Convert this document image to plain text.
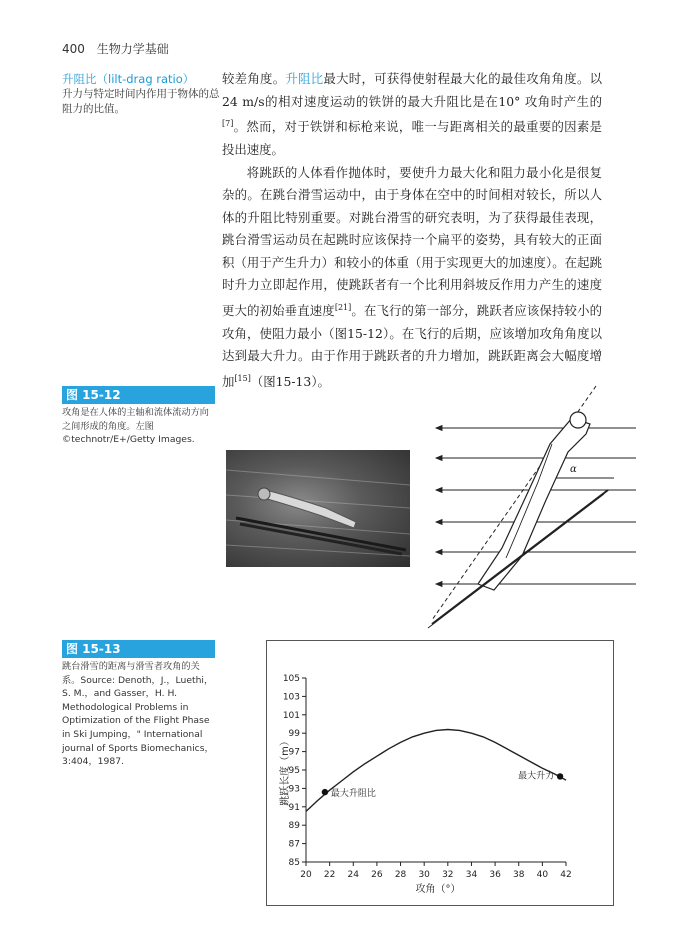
400 生物力学基础
升阻比（lilt-drag ratio）
升力与特定时间内作用于物体的总阻力的比值。

较差角度。升阻比最大时，可获得使射程最大化的最佳攻角角度。以24 m/s的相对速度运动的铁饼的最大升阻比是在10° 攻角时产生的[7]。然而，对于铁饼和标枪来说，唯一与距离相关的最重要的因素是投出速度。

将跳跃的人体看作抛体时，要使升力最大化和阻力最小化是很复杂的。在跳台滑雪运动中，由于身体在空中的时间相对较长，所以人体的升阻比特别重要。对跳台滑雪的研究表明，为了获得最佳表现，跳台滑雪运动员在起跳时应该保持一个扁平的姿势，具有较大的正面积（用于产生升力）和较小的体重（用于实现更大的加速度）。在起跳时升力立即起作用，使跳跃者有一个比利用斜坡反作用力产生的速度更大的初始垂直速度[21]。在飞行的第一部分，跳跃者应该保持较小的攻角，使阻力最小（图15-12）。在飞行的后期，应该增加攻角角度以达到最大升力。由于作用于跳跃者的升力增加，跳跃距离会大幅度增加[15]（图15-13）。

图 15-12
攻角是在人体的主轴和流体流动方向之间形成的角度。左图 ©technotr/E+/Getty Images.
α
图 15-13
跳台滑雪的距离与滑雪者攻角的关系。Source: Denoth，J.，Luethi，S. M.，and Gasser，H. H. Methodological Problems in Optimization of the Flight Phase in Ski Jumping，" International journal of Sports Biomechanics，3:404，1987.
85
87
89
91
93
95
97
99
101
103
105
20 22 24 26 28 30 32 34 36 38 40 42
最大升阻比
最大升力
跳跃长度（m）
攻角（°）
